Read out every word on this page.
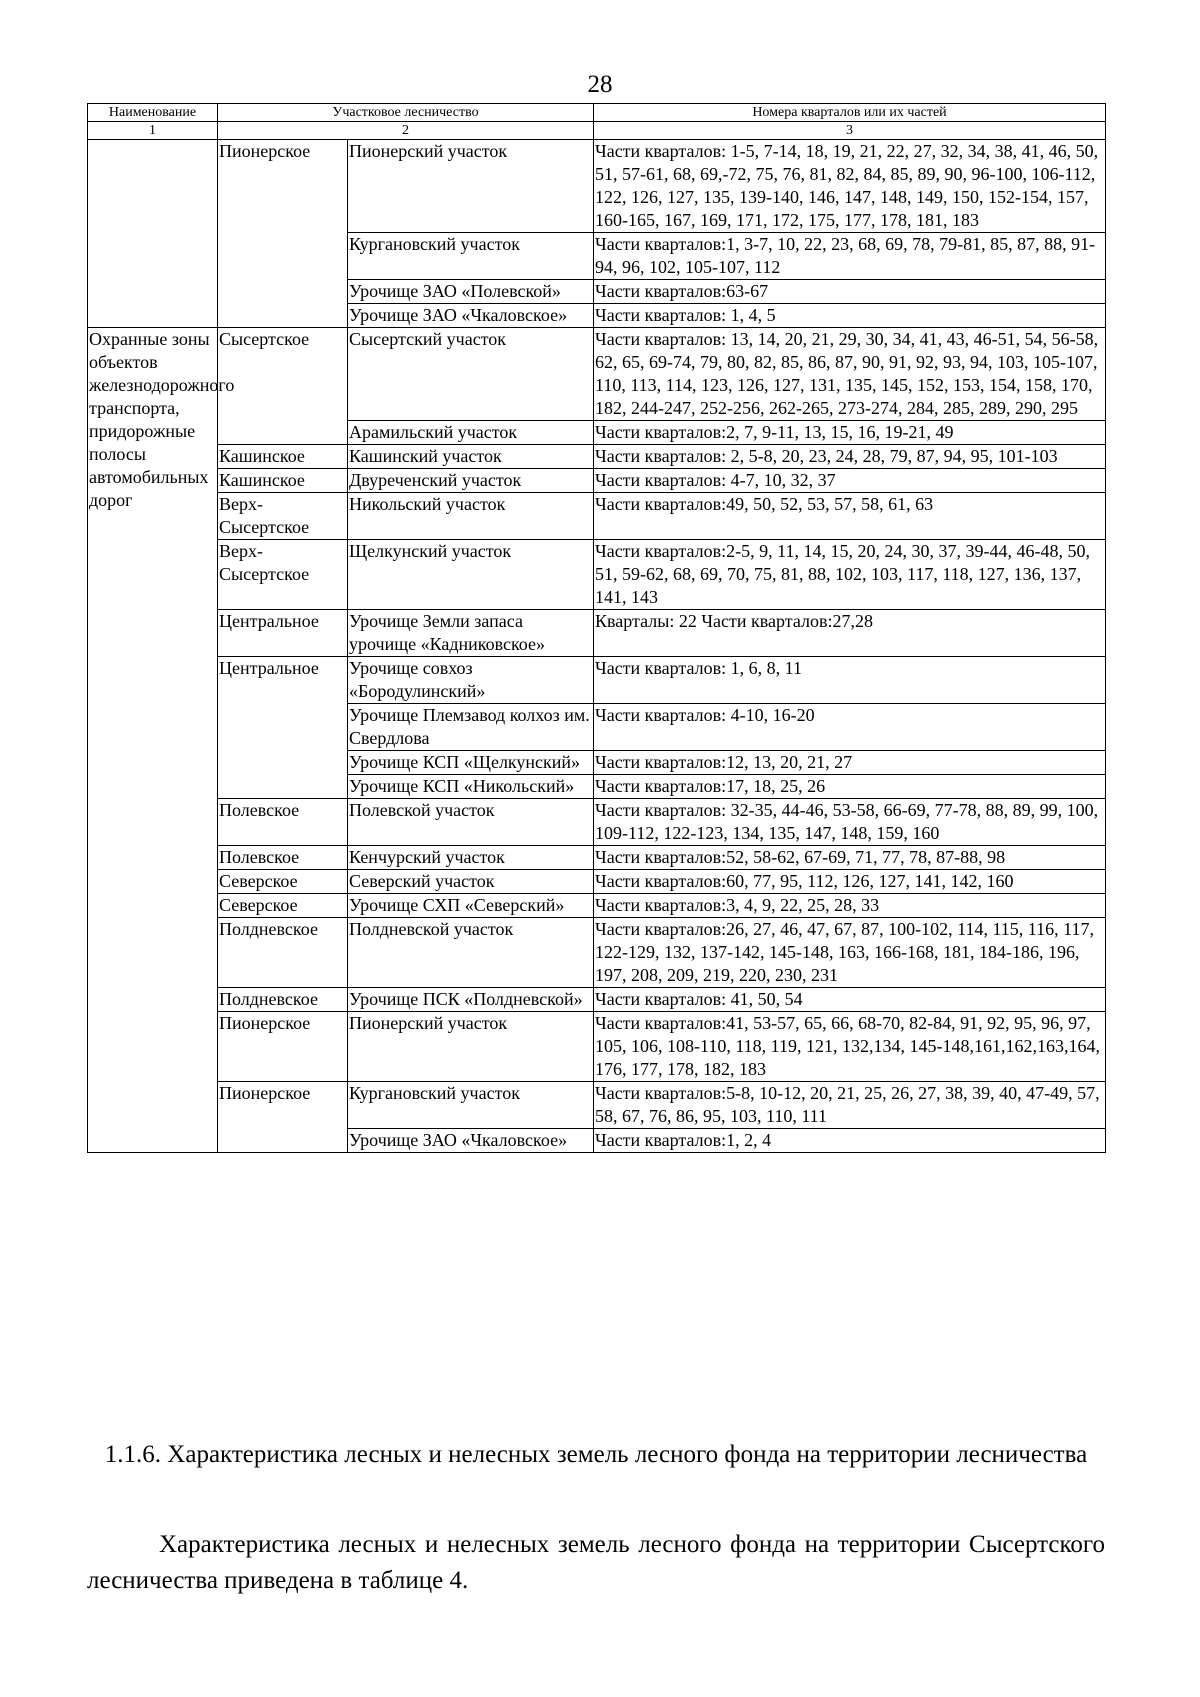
28
Наименование	Участковое лесничество		Номера кварталов или их частей
1	2		3
	Пионерское	Пионерский участок	Части кварталов: 1-5, 7-14, 18, 19, 21, 22, 27, 32, 34, 38, 41, 46, 50, 51, 57-61, 68, 69,-72, 75, 76, 81, 82, 84, 85, 89, 90, 96-100, 106-112, 122, 126, 127, 135, 139-140, 146, 147, 148, 149, 150, 152-154, 157, 160-165, 167, 169, 171, 172, 175, 177, 178, 181, 183
		Кургановский участок	Части кварталов:1, 3-7, 10, 22, 23, 68, 69, 78, 79-81, 85, 87, 88, 91-94, 96, 102, 105-107, 112
		Урочище ЗАО «Полевской»	Части кварталов:63-67
		Урочище ЗАО «Чкаловское»	Части кварталов: 1, 4, 5
Охранные зоны объектов железнодорожного транспорта, придорожные полосы автомобильных дорог	Сысертское	Сысертский участок	Части кварталов: 13, 14, 20, 21, 29, 30, 34, 41, 43, 46-51, 54, 56-58, 62, 65, 69-74, 79, 80, 82, 85, 86, 87, 90, 91, 92, 93, 94, 103, 105-107, 110, 113, 114, 123, 126, 127, 131, 135, 145, 152, 153, 154, 158, 170, 182, 244-247, 252-256, 262-265, 273-274, 284, 285, 289, 290, 295
		Арамильский участок	Части кварталов:2, 7, 9-11, 13, 15, 16, 19-21, 49
	Кашинское	Кашинский участок	Части кварталов: 2, 5-8, 20, 23, 24, 28, 79, 87, 94, 95, 101-103
	Кашинское	Двуреченский участок	Части кварталов: 4-7, 10, 32, 37
	Верх-Сысертское	Никольский участок	Части кварталов:49, 50, 52, 53, 57, 58, 61, 63
	Верх-Сысертское	Щелкунский участок	Части кварталов:2-5, 9, 11, 14, 15, 20, 24, 30, 37, 39-44, 46-48, 50, 51, 59-62, 68, 69, 70, 75, 81, 88, 102, 103, 117, 118, 127, 136, 137, 141, 143
	Центральное	Урочище Земли запаса урочище «Кадниковское»	Кварталы: 22 Части кварталов:27,28
	Центральное	Урочище совхоз «Бородулинский»	Части кварталов: 1, 6, 8, 11
		Урочище Племзавод колхоз им. Свердлова	Части кварталов: 4-10, 16-20
		Урочище КСП «Щелкунский»	Части кварталов:12, 13, 20, 21, 27
		Урочище КСП «Никольский»	Части кварталов:17, 18, 25, 26
	Полевское	Полевской участок	Части кварталов: 32-35, 44-46, 53-58, 66-69, 77-78, 88, 89, 99, 100, 109-112, 122-123, 134, 135, 147, 148, 159, 160
	Полевское	Кенчурский участок	Части кварталов:52, 58-62, 67-69, 71, 77, 78, 87-88, 98
	Северское	Северский участок	Части кварталов:60, 77, 95, 112, 126, 127, 141, 142, 160
	Северское	Урочище СХП «Северский»	Части кварталов:3, 4, 9, 22, 25, 28, 33
	Полдневское	Полдневской участок	Части кварталов:26, 27, 46, 47, 67, 87, 100-102, 114, 115, 116, 117, 122-129, 132, 137-142, 145-148, 163, 166-168, 181, 184-186, 196, 197, 208, 209, 219, 220, 230, 231
	Полдневское	Урочище ПСК «Полдневской»	Части кварталов: 41, 50, 54
	Пионерское	Пионерский участок	Части кварталов:41, 53-57, 65, 66, 68-70, 82-84, 91, 92, 95, 96, 97, 105, 106, 108-110, 118, 119, 121, 132,134, 145-148,161,162,163,164, 176, 177, 178, 182, 183
	Пионерское	Кургановский участок	Части кварталов:5-8, 10-12, 20, 21, 25, 26, 27, 38, 39, 40, 47-49, 57, 58, 67, 76, 86, 95, 103, 110, 111
		Урочище ЗАО «Чкаловское»	Части кварталов:1, 2, 4
1.1.6. Характеристика лесных и нелесных земель лесного фонда на территории лесничества
Характеристика лесных и нелесных земель лесного фонда на территории Сысертского лесничества приведена в таблице 4.
